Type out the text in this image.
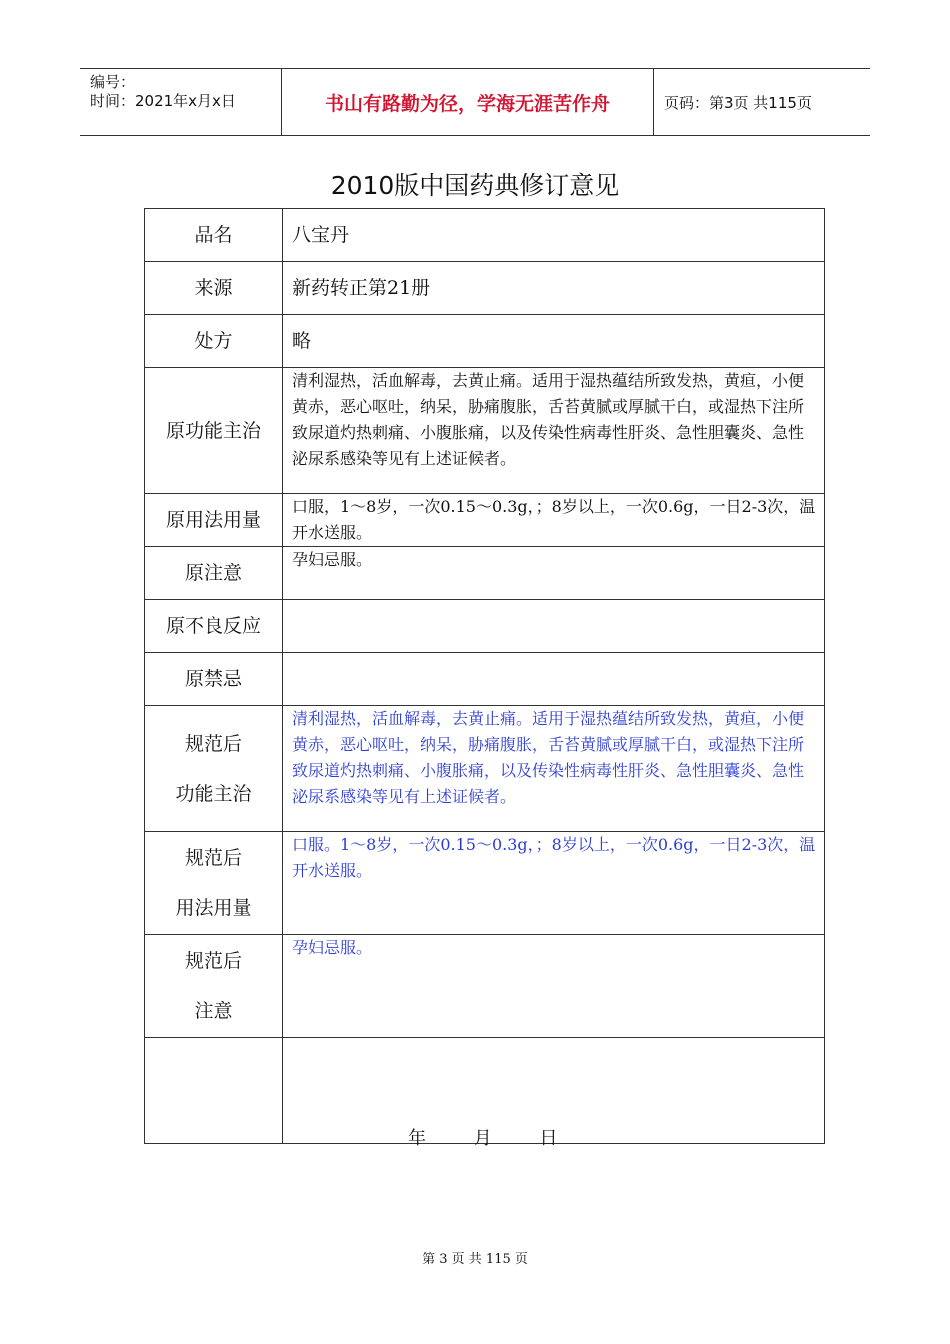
编号：
时间：2021年x月x日	书山有路勤为径，学海无涯苦作舟	页码：第3页 共115页
2010版中国药典修订意见
品名	八宝丹
来源	新药转正第21册
处方	略
原功能主治	清利湿热，活血解毒，去黄止痛。适用于湿热蕴结所致发热，黄疸，小便黄赤，恶心呕吐，纳呆，胁痛腹胀，舌苔黄腻或厚腻干白，或湿热下注所致尿道灼热刺痛、小腹胀痛，以及传染性病毒性肝炎、急性胆囊炎、急性泌尿系感染等见有上述证候者。
原用法用量	口服，1～8岁，一次0.15～0.3g，；8岁以上，一次0.6g，一日2-3次，温开水送服。
原注意	孕妇忌服。
原不良反应	
原禁忌	

规范后
功能主治	清利湿热，活血解毒，去黄止痛。适用于湿热蕴结所致发热，黄疸，小便黄赤，恶心呕吐，纳呆，胁痛腹胀，舌苔黄腻或厚腻干白，或湿热下注所致尿道灼热刺痛、小腹胀痛，以及传染性病毒性肝炎、急性胆囊炎、急性泌尿系感染等见有上述证候者。

规范后
用法用量	口服。1～8岁，一次0.15～0.3g，；8岁以上，一次0.6g，一日2-3次，温开水送服。

规范后
注意	孕妇忌服。

年	月	日
第 3 页 共 115 页
